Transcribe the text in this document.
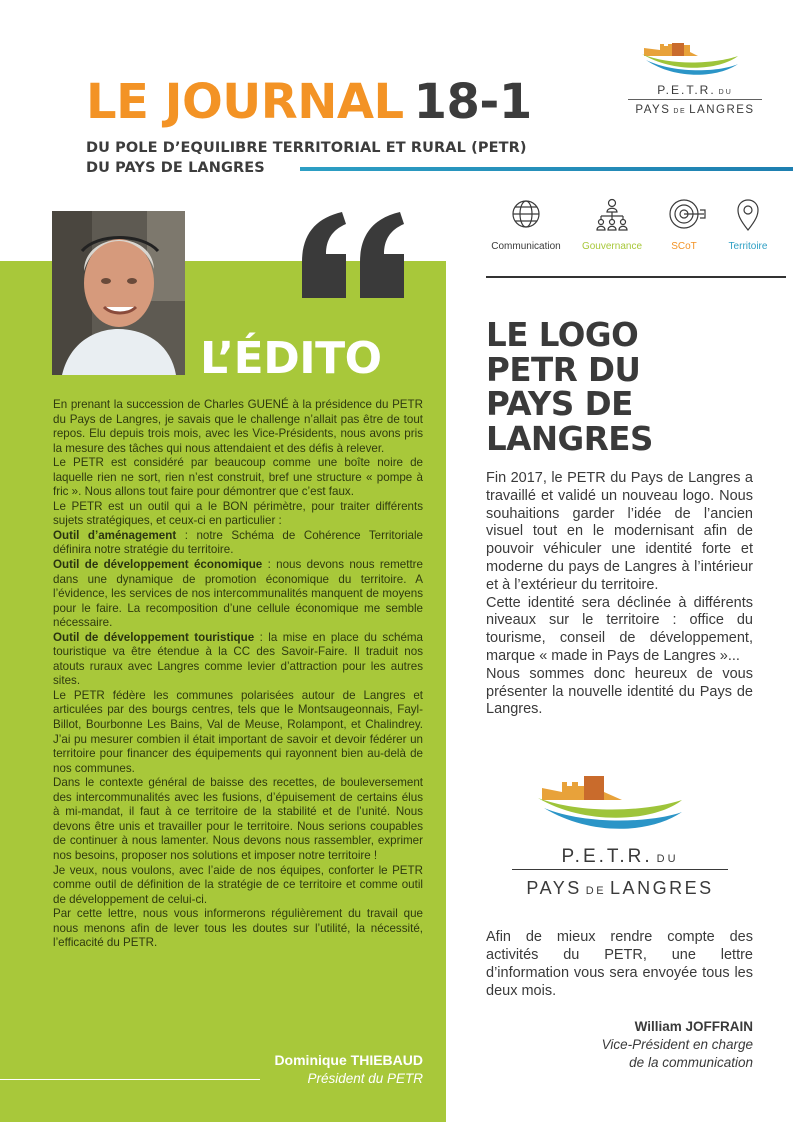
LE JOURNAL 18-1
DU POLE D’EQUILIBRE TERRITORIAL ET RURAL (PETR)
DU PAYS DE LANGRES
P.E.T.R. DU
PAYS DE LANGRES
L’ÉDITO

En prenant la succession de Charles GUENÉ à la présidence du PETR du Pays de Langres, je savais que le challenge n’allait pas être de tout repos. Elu depuis trois mois, avec les Vice-Présidents, nous avons pris la mesure des tâches qui nous attendaient et des défis à relever.

Le PETR est considéré par beaucoup comme une boîte noire de laquelle rien ne sort, rien n’est construit, bref une structure « pompe à fric ». Nous allons tout faire pour démontrer que c’est faux.

Le PETR est un outil qui a le BON périmètre, pour traiter différents sujets stratégiques, et ceux-ci en particulier :

Outil d’aménagement : notre Schéma de Cohérence Territoriale définira notre stratégie du territoire.

Outil de développement économique : nous devons nous remettre dans une dynamique de promotion économique du territoire. A l’évidence, les services de nos intercommunalités manquent de moyens pour le faire. La recomposition d’une cellule économique me semble nécessaire.

Outil de développement touristique : la mise en place du schéma touristique va être étendue à la CC des Savoir-Faire. Il traduit nos atouts ruraux avec Langres comme levier d’attraction pour les autres sites.

Le PETR fédère les communes polarisées autour de Langres et articulées par des bourgs centres, tels que le Montsaugeonnais, Fayl-Billot, Bourbonne Les Bains, Val de Meuse, Rolampont, et Chalindrey. J’ai pu mesurer combien il était important de savoir et devoir fédérer un territoire pour financer des équipements qui rayonnent bien au-delà de nos communes.

Dans le contexte général de baisse des recettes, de bouleversement des intercommunalités avec les fusions, d’épuisement de certains élus à mi-mandat, il faut à ce territoire de la stabilité et de l’unité. Nous devons être unis et travailler pour le territoire. Nous serions coupables de continuer à nous lamenter. Nous devons nous rassembler, exprimer nos besoins, proposer nos solutions et imposer notre territoire !

Je veux, nous voulons, avec l’aide de nos équipes, conforter le PETR comme outil de définition de la stratégie de ce territoire et comme outil de développement de celui-ci.

Par cette lettre, nous vous informerons régulièrement du travail que nous menons afin de lever tous les doutes sur l’utilité, la nécessité, l’efficacité du PETR.

Dominique THIEBAUD
Président du PETR
Communication	Gouvernance	SCoT	Territoire
LE LOGO
PETR DU
PAYS DE
LANGRES

Fin 2017, le PETR du Pays de Langres a travaillé et validé un nouveau logo. Nous souhaitions garder l’idée de l’ancien visuel tout en le modernisant afin de pouvoir véhiculer une identité forte et moderne du pays de Langres à l’intérieur et à l’extérieur du territoire.

Cette identité sera déclinée à différents niveaux sur le territoire : office du tourisme, conseil de développement, marque « made in Pays de Langres »...

Nous sommes donc heureux de vous présenter la nouvelle identité du Pays de Langres.

P.E.T.R. DU
PAYS DE LANGRES
Afin de mieux rendre compte des activités du PETR, une lettre d’information vous sera envoyée tous les deux mois.
William JOFFRAIN
Vice-Président en charge
de la communication
